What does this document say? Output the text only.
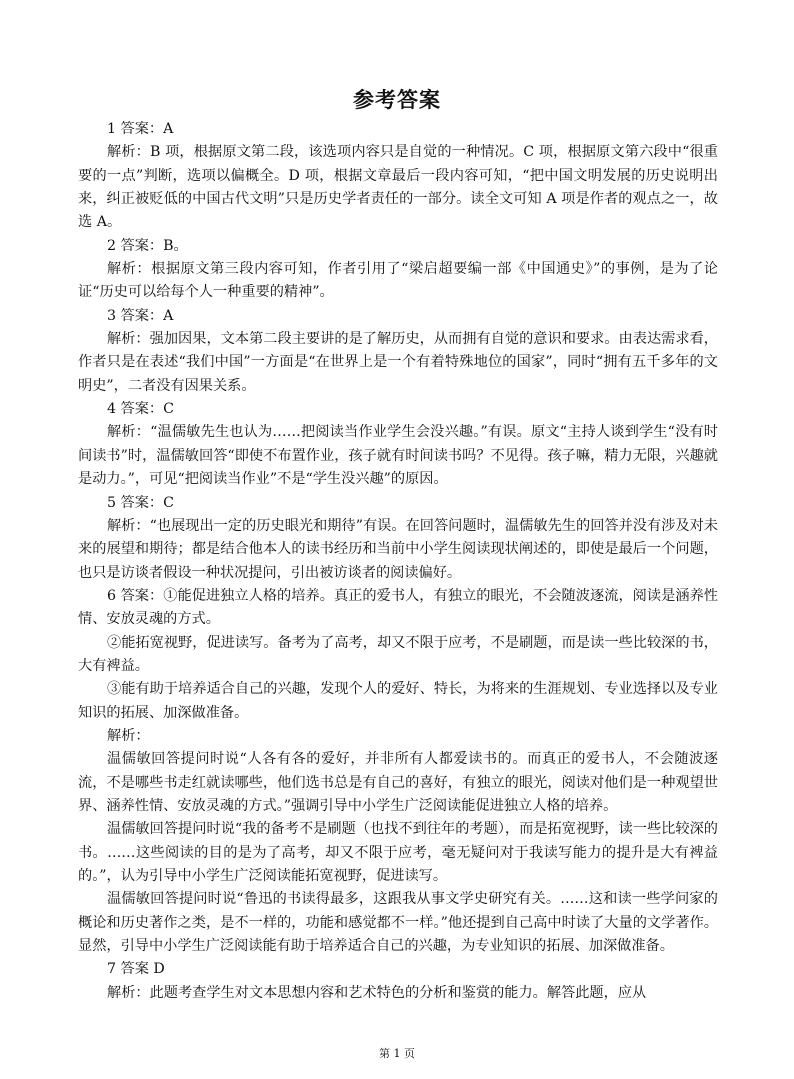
参考答案

1 答案：A

解析：B 项，根据原文第二段，该选项内容只是自觉的一种情况。C 项，根据原文第六段中“很重要的一点”判断，选项以偏概全。D 项，根据文章最后一段内容可知，“把中国文明发展的历史说明出来，纠正被贬低的中国古代文明”只是历史学者责任的一部分。读全文可知 A 项是作者的观点之一，故选 A。

2 答案：B。

解析：根据原文第三段内容可知，作者引用了“梁启超要编一部《中国通史》”的事例，是为了论证“历史可以给每个人一种重要的精神”。

3 答案：A

解析：强加因果，文本第二段主要讲的是了解历史，从而拥有自觉的意识和要求。由表达需求看，作者只是在表述“我们中国”一方面是“在世界上是一个有着特殊地位的国家”，同时“拥有五千多年的文明史”，二者没有因果关系。

4 答案：C

解析：“温儒敏先生也认为……把阅读当作业学生会没兴趣。”有误。原文“主持人谈到学生“没有时间读书”时，温儒敏回答“即使不布置作业，孩子就有时间读书吗？不见得。孩子嘛，精力无限，兴趣就是动力。”，可见“把阅读当作业”不是“学生没兴趣”的原因。

5 答案：C

解析：“也展现出一定的历史眼光和期待”有误。在回答问题时，温儒敏先生的回答并没有涉及对未来的展望和期待；都是结合他本人的读书经历和当前中小学生阅读现状阐述的，即使是最后一个问题，也只是访谈者假设一种状况提问，引出被访谈者的阅读偏好。

6 答案：①能促进独立人格的培养。真正的爱书人，有独立的眼光，不会随波逐流，阅读是涵养性情、安放灵魂的方式。

②能拓宽视野，促进读写。备考为了高考，却又不限于应考，不是刷题，而是读一些比较深的书，大有裨益。

③能有助于培养适合自己的兴趣，发现个人的爱好、特长，为将来的生涯规划、专业选择以及专业知识的拓展、加深做准备。

解析：

温儒敏回答提问时说“人各有各的爱好，并非所有人都爱读书的。而真正的爱书人，不会随波逐流，不是哪些书走红就读哪些，他们选书总是有自己的喜好，有独立的眼光，阅读对他们是一种观望世界、涵养性情、安放灵魂的方式。”强调引导中小学生广泛阅读能促进独立人格的培养。

温儒敏回答提问时说“我的备考不是刷题（也找不到往年的考题），而是拓宽视野，读一些比较深的书。……这些阅读的目的是为了高考，却又不限于应考，毫无疑问对于我读写能力的提升是大有裨益的。”，认为引导中小学生广泛阅读能拓宽视野，促进读写。

温儒敏回答提问时说“鲁迅的书读得最多，这跟我从事文学史研究有关。……这和读一些学问家的概论和历史著作之类，是不一样的，功能和感觉都不一样。”他还提到自己高中时读了大量的文学著作。显然，引导中小学生广泛阅读能有助于培养适合自己的兴趣，为专业知识的拓展、加深做准备。

7 答案 D

解析：此题考查学生对文本思想内容和艺术特色的分析和鉴赏的能力。解答此题，应从

第 1 页
